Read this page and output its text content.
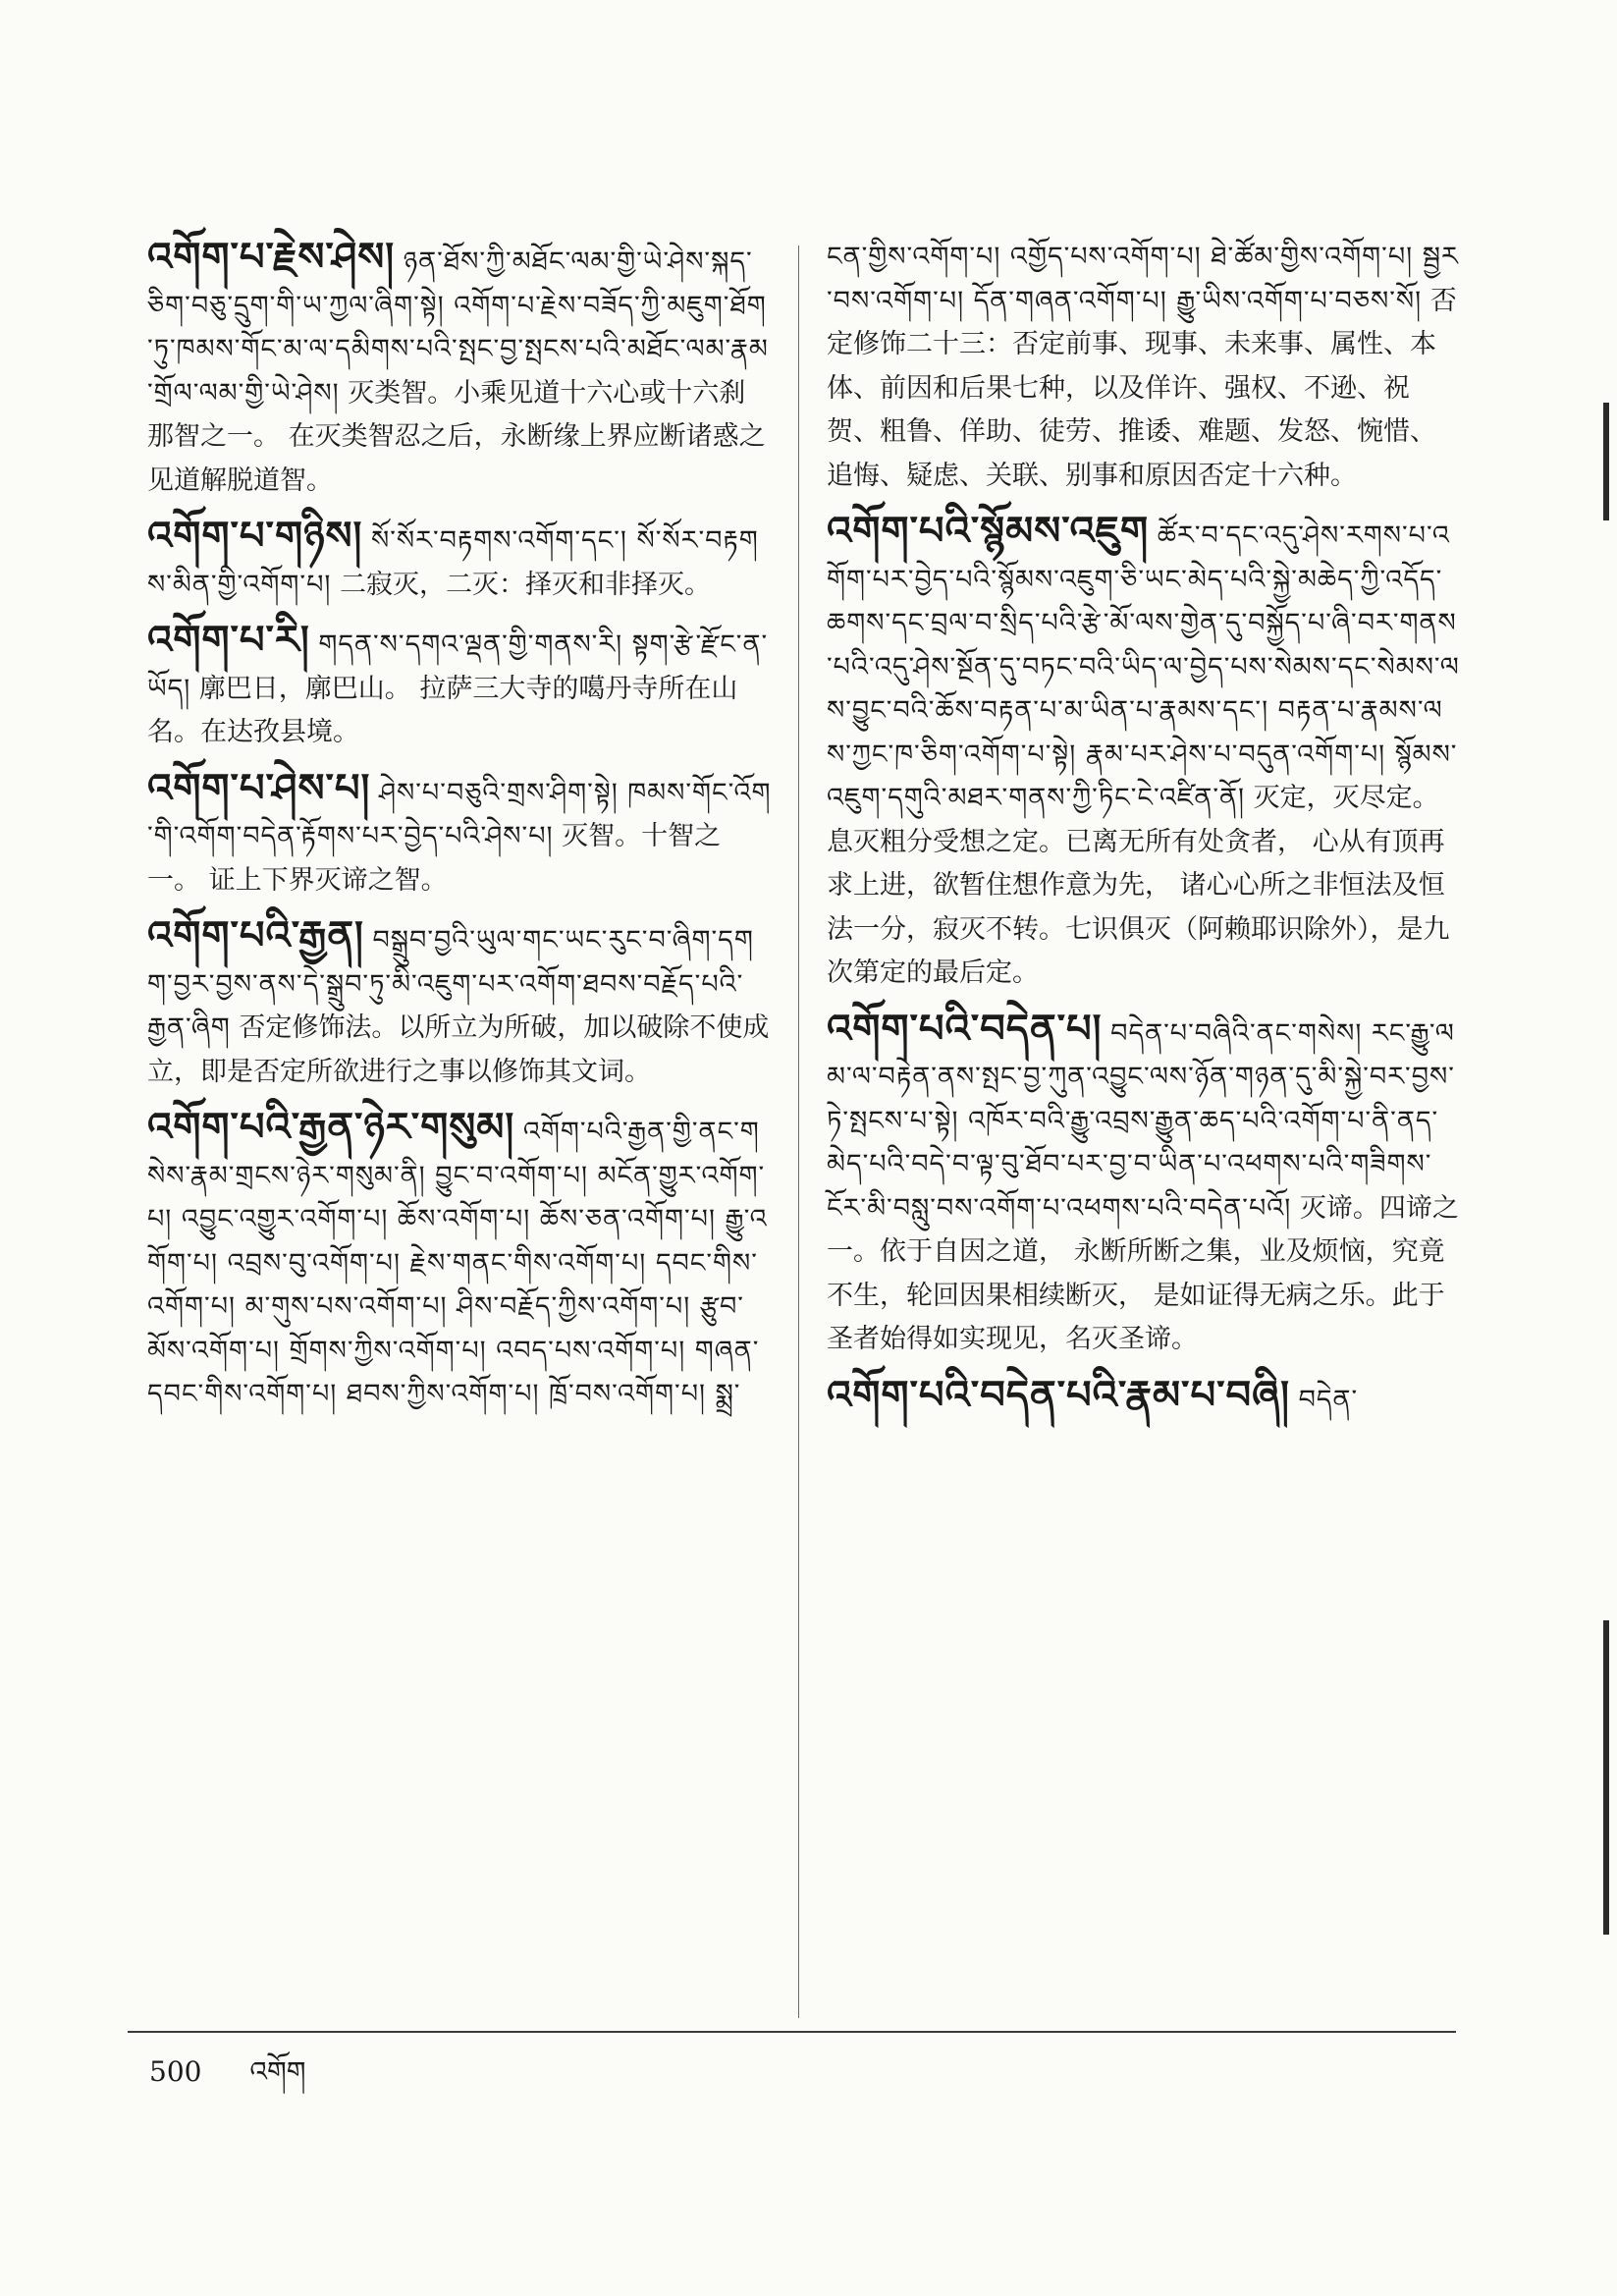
འགོག་པ་རྗེས་ཤེས། ཉན་ཐོས་ཀྱི་མཐོང་ལམ་གྱི་ཡེ་ཤེས་སྐད་ཅིག་བཅུ་དྲུག་གི་ཡ་ཀྱལ་ཞིག་སྟེ། འགོག་པ་རྗེས་བཟོད་ཀྱི་མཇུག་ཐོག་ཏུ་ཁམས་གོང་མ་ལ་དམིགས་པའི་སྤང་བྱ་སྤངས་པའི་མཐོང་ལམ་རྣམ་གྲོལ་ལམ་གྱི་ཡེ་ཤེས། 灭类智。小乘见道十六心或十六刹那智之一。 在灭类智忍之后，永断缘上界应断诸惑之见道解脱道智。
འགོག་པ་གཉིས། སོ་སོར་བརྟགས་འགོག་དང་། སོ་སོར་བརྟགས་མིན་གྱི་འགོག་པ། 二寂灭，二灭：择灭和非择灭。
འགོག་པ་རི། གདན་ས་དགའ་ལྡན་གྱི་གནས་རི། སྟག་རྩེ་རྫོང་ན་ཡོད། 廓巴日，廓巴山。 拉萨三大寺的噶丹寺所在山名。在达孜县境。
འགོག་པ་ཤེས་པ། ཤེས་པ་བཅུའི་གྲས་ཤིག་སྟེ། ཁམས་གོང་འོག་གི་འགོག་བདེན་རྟོགས་པར་བྱེད་པའི་ཤེས་པ། 灭智。十智之一。 证上下界灭谛之智。
འགོག་པའི་རྒྱན། བསྒྲུབ་བྱའི་ཡུལ་གང་ཡང་རུང་བ་ཞིག་དགག་བྱར་བྱས་ནས་དེ་སྒྲུབ་ཏུ་མི་འཇུག་པར་འགོག་ཐབས་བརྗོད་པའི་རྒྱན་ཞིག 否定修饰法。以所立为所破，加以破除不使成立，即是否定所欲进行之事以修饰其文词。
འགོག་པའི་རྒྱན་ཉེར་གསུམ། འགོག་པའི་རྒྱན་གྱི་ནང་གསེས་རྣམ་གྲངས་ཉེར་གསུམ་ནི། བྱུང་བ་འགོག་པ། མངོན་གྱུར་འགོག་པ། འབྱུང་འགྱུར་འགོག་པ། ཆོས་འགོག་པ། ཆོས་ཅན་འགོག་པ། རྒྱུ་འགོག་པ། འབྲས་བུ་འགོག་པ། རྗེས་གནང་གིས་འགོག་པ། དབང་གིས་འགོག་པ། མ་གུས་པས་འགོག་པ། ཤིས་བརྗོད་ཀྱིས་འགོག་པ། རྩུབ་མོས་འགོག་པ། གྲོགས་ཀྱིས་འགོག་པ། འབད་པས་འགོག་པ། གཞན་དབང་གིས་འགོག་པ། ཐབས་ཀྱིས་འགོག་པ། ཁྲོ་བས་འགོག་པ། སྨྲ་
ངན་གྱིས་འགོག་པ། འགྱོད་པས་འགོག་པ། ཐེ་ཚོམ་གྱིས་འགོག་པ། སྦྱར་བས་འགོག་པ། དོན་གཞན་འགོག་པ། རྒྱུ་ཡིས་འགོག་པ་བཅས་སོ། 否定修饰二十三：否定前事、现事、未来事、属性、本体、前因和后果七种，以及佯许、强权、不逊、祝贺、粗鲁、佯助、徒劳、推诿、难题、发怒、惋惜、追悔、疑虑、关联、别事和原因否定十六种。
འགོག་པའི་སྙོམས་འཇུག ཚོར་བ་དང་འདུ་ཤེས་རགས་པ་འགོག་པར་བྱེད་པའི་སྙོམས་འཇུག་ཅི་ཡང་མེད་པའི་སྐྱེ་མཆེད་ཀྱི་འདོད་ཆགས་དང་བྲལ་བ་སྲིད་པའི་རྩེ་མོ་ལས་གྱེན་དུ་བསྐྱོད་པ་ཞི་བར་གནས་པའི་འདུ་ཤེས་སྔོན་དུ་བཏང་བའི་ཡིད་ལ་བྱེད་པས་སེམས་དང་སེམས་ལས་བྱུང་བའི་ཆོས་བརྟན་པ་མ་ཡིན་པ་རྣམས་དང་། བརྟན་པ་རྣམས་ལས་ཀྱང་ཁ་ཅིག་འགོག་པ་སྟེ། རྣམ་པར་ཤེས་པ་བདུན་འགོག་པ། སྙོམས་འཇུག་དགུའི་མཐར་གནས་ཀྱི་ཏིང་ངེ་འཛིན་ནོ། 灭定，灭尽定。息灭粗分受想之定。已离无所有处贪者， 心从有顶再求上进，欲暂住想作意为先， 诸心心所之非恒法及恒法一分，寂灭不转。七识俱灭（阿赖耶识除外），是九次第定的最后定。
འགོག་པའི་བདེན་པ། བདེན་པ་བཞིའི་ནང་གསེས། རང་རྒྱུ་ལམ་ལ་བརྟེན་ནས་སྤང་བྱ་ཀུན་འབྱུང་ལས་ཉོན་གཉན་དུ་མི་སྐྱེ་བར་བྱས་ཏེ་སྤངས་པ་སྟེ། འཁོར་བའི་རྒྱུ་འབྲས་རྒྱུན་ཆད་པའི་འགོག་པ་ནི་ནད་མེད་པའི་བདེ་བ་ལྟ་བུ་ཐོབ་པར་བྱ་བ་ཡིན་པ་འཕགས་པའི་གཟིགས་ངོར་མི་བསླུ་བས་འགོག་པ་འཕགས་པའི་བདེན་པའོ། 灭谛。四谛之一。依于自因之道， 永断所断之集，业及烦恼，究竟不生，轮回因果相续断灭， 是如证得无病之乐。此于圣者始得如实现见，名灭圣谛。
འགོག་པའི་བདེན་པའི་རྣམ་པ་བཞི། བདེན་
500 འགོག
